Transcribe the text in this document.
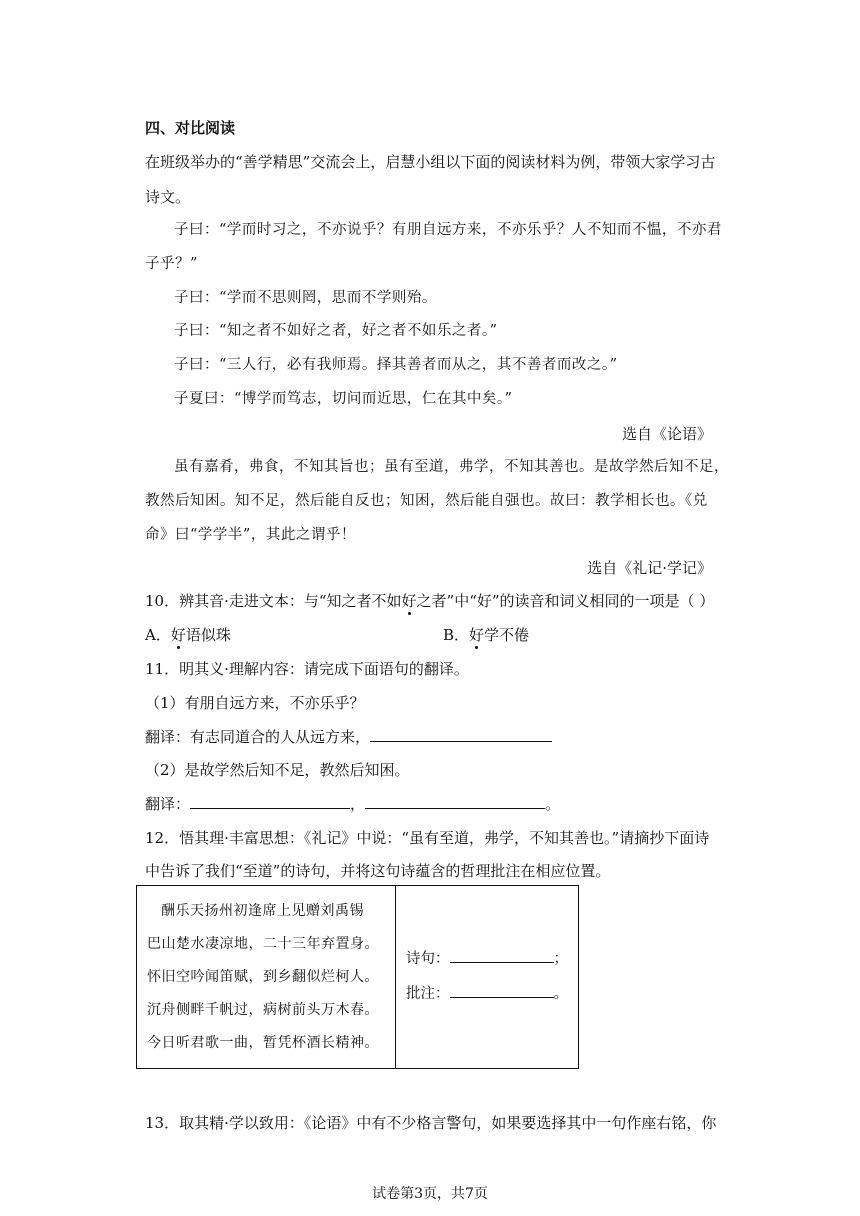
四、对比阅读
在班级举办的“善学精思”交流会上，启慧小组以下面的阅读材料为例，带领大家学习古
诗文。
子曰：“学而时习之，不亦说乎？有朋自远方来，不亦乐乎？人不知而不愠，不亦君
子乎？”
子曰：“学而不思则罔，思而不学则殆。
子曰：“知之者不如好之者，好之者不如乐之者。”
子曰：“三人行，必有我师焉。择其善者而从之，其不善者而改之。”
子夏曰：“博学而笃志，切问而近思，仁在其中矣。”
选自《论语》
虽有嘉肴，弗食，不知其旨也；虽有至道，弗学，不知其善也。是故学然后知不足，
教然后知困。知不足，然后能自反也；知困，然后能自强也。故曰：教学相长也。《兑
命》曰“学学半”，其此之谓乎！
选自《礼记·学记》
10．辨其音·走进文本：与“知之者不如好之者”中“好”的读音和词义相同的一项是（ ）
A．好语似珠	B．好学不倦
11．明其义·理解内容：请完成下面语句的翻译。
（1）有朋自远方来，不亦乐乎？
翻译：有志同道合的人从远方来，
（2）是故学然后知不足，教然后知困。
翻译：	，	。
12．悟其理·丰富思想：《礼记》中说：“虽有至道，弗学，不知其善也。”请摘抄下面诗
中告诉了我们“至道”的诗句，并将这句诗蕴含的哲理批注在相应位置。
酬乐天扬州初逢席上见赠刘禹锡
巴山楚水凄凉地，二十三年弃置身。
怀旧空吟闻笛赋，到乡翻似烂柯人。
沉舟侧畔千帆过，病树前头万木春。
今日听君歌一曲，暂凭杯酒长精神。

诗句：	；
批注：	。
13．取其精·学以致用：《论语》中有不少格言警句，如果要选择其中一句作座右铭，你
试卷第3页，共7页
